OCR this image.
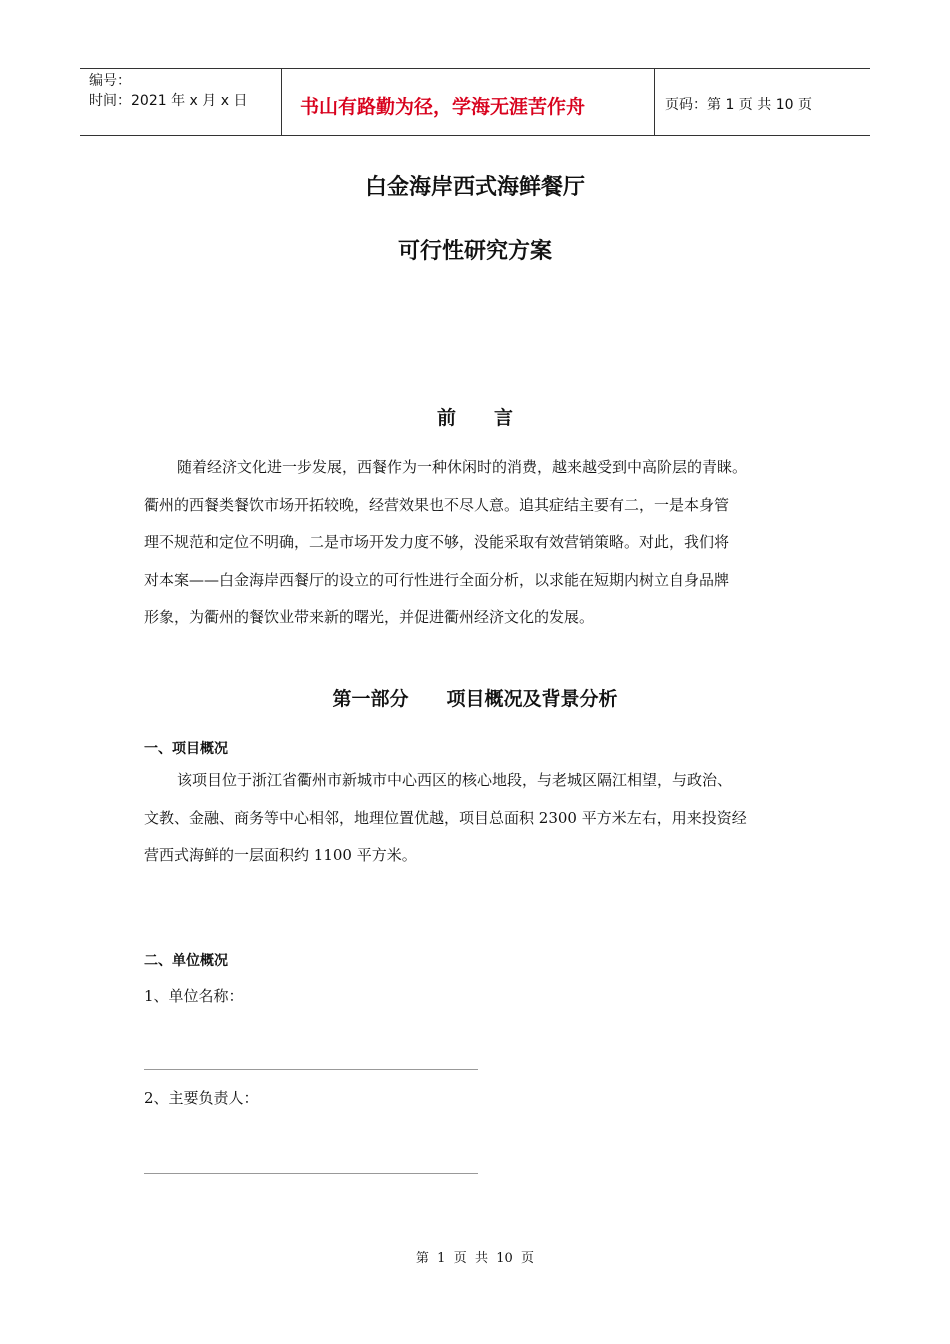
编号：
时间：2021 年 x 月 x 日	书山有路勤为径，学海无涯苦作舟	页码：第 1 页 共 10 页
白金海岸西式海鲜餐厅
可行性研究方案
前言
随着经济文化进一步发展，西餐作为一种休闲时的消费，越来越受到中高阶层的青睐。
衢州的西餐类餐饮市场开拓较晚，经营效果也不尽人意。追其症结主要有二，一是本身管
理不规范和定位不明确，二是市场开发力度不够，没能采取有效营销策略。对此，我们将
对本案——白金海岸西餐厅的设立的可行性进行全面分析，以求能在短期内树立自身品牌
形象，为衢州的餐饮业带来新的曙光，并促进衢州经济文化的发展。
第一部分　　项目概况及背景分析
一、项目概况
该项目位于浙江省衢州市新城市中心西区的核心地段，与老城区隔江相望，与政治、
文教、金融、商务等中心相邻，地理位置优越，项目总面积 2300 平方米左右，用来投资经
营西式海鲜的一层面积约 1100 平方米。
二、单位概况
1、单位名称：
2、主要负责人：
第  1  页  共  10  页
